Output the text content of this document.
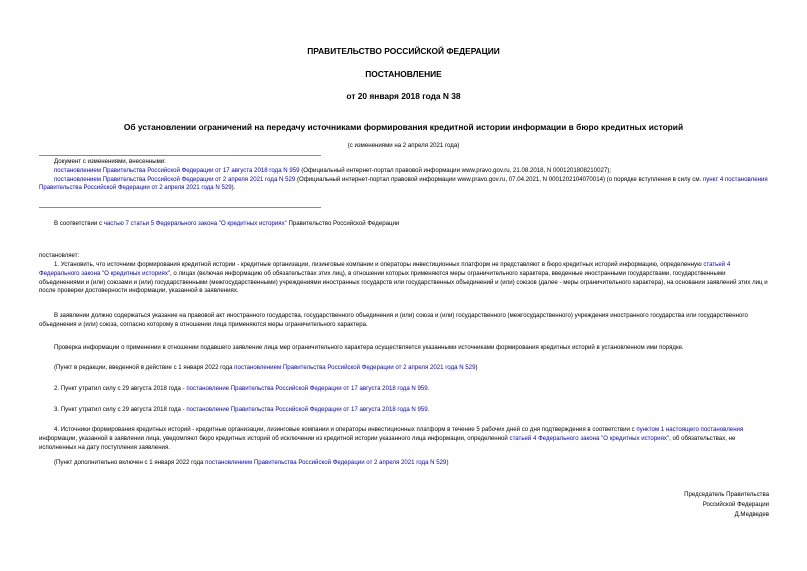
ПРАВИТЕЛЬСТВО РОССИЙСКОЙ ФЕДЕРАЦИИ
ПОСТАНОВЛЕНИЕ
от 20 января 2018 года N 38
Об установлении ограничений на передачу источниками формирования кредитной истории информации в бюро кредитных историй
(с изменениями на 2 апреля 2021 года)
Документ с изменениями, внесенными:
постановлением Правительства Российской Федерации от 17 августа 2018 года N 959 (Официальный интернет-портал правовой информации www.pravo.gov.ru, 21.08.2018, N 0001201808210027);
постановлением Правительства Российской Федерации от 2 апреля 2021 года N 529 (Официальный интернет-портал правовой информации www.pravo.gov.ru, 07.04.2021, N 0001202104070014) (о порядке вступления в силу см. пункт 4 постановления Правительства Российской Федерации от 2 апреля 2021 года N 529).
В соответствии с частью 7 статьи 5 Федерального закона "О кредитных историях" Правительство Российской Федерации
постановляет:
1. Установить, что источники формирования кредитной истории - кредитные организации, лизинговые компании и операторы инвестиционных платформ не представляют в бюро кредитных историй информацию, определенную статьей 4 Федерального закона "О кредитных историях", о лицах (включая информацию об обязательствах этих лиц), в отношении которых применяются меры ограничительного характера, введенные иностранными государствами, государственными объединениями и (или) союзами и (или) государственными (межгосударственными) учреждениями иностранных государств или государственных объединений и (или) союзов (далее - меры ограничительного характера), на основании заявлений этих лиц и после проверки достоверности информации, указанной в заявлениях.
В заявлении должно содержаться указание на правовой акт иностранного государства, государственного объединения и (или) союза и (или) государственного (межгосударственного) учреждения иностранного государства или государственного объединения и (или) союза, согласно которому в отношении лица применяются меры ограничительного характера.
Проверка информации о применении в отношении подавшего заявление лица мер ограничительного характера осуществляется указанными источниками формирования кредитных историй в установленном ими порядке.
(Пункт в редакции, введенной в действие с 1 января 2022 года постановлением Правительства Российской Федерации от 2 апреля 2021 года N 529)
2. Пункт утратил силу с 29 августа 2018 года - постановление Правительства Российской Федерации от 17 августа 2018 года N 959.
3. Пункт утратил силу с 29 августа 2018 года - постановление Правительства Российской Федерации от 17 августа 2018 года N 959.
4. Источники формирования кредитных историй - кредитные организации, лизинговые компании и операторы инвестиционных платформ в течение 5 рабочих дней со дня подтверждения в соответствии с пунктом 1 настоящего постановления информации, указанной в заявлении лица, уведомляют бюро кредитных историй об исключении из кредитной истории указанного лица информации, определенной статьей 4 Федерального закона "О кредитных историях", об обязательствах, не исполненных на дату поступления заявления.
(Пункт дополнительно включен с 1 января 2022 года постановлением Правительства Российской Федерации от 2 апреля 2021 года N 529)
Председатель Правительства
Российской Федерации
Д.Медведев
